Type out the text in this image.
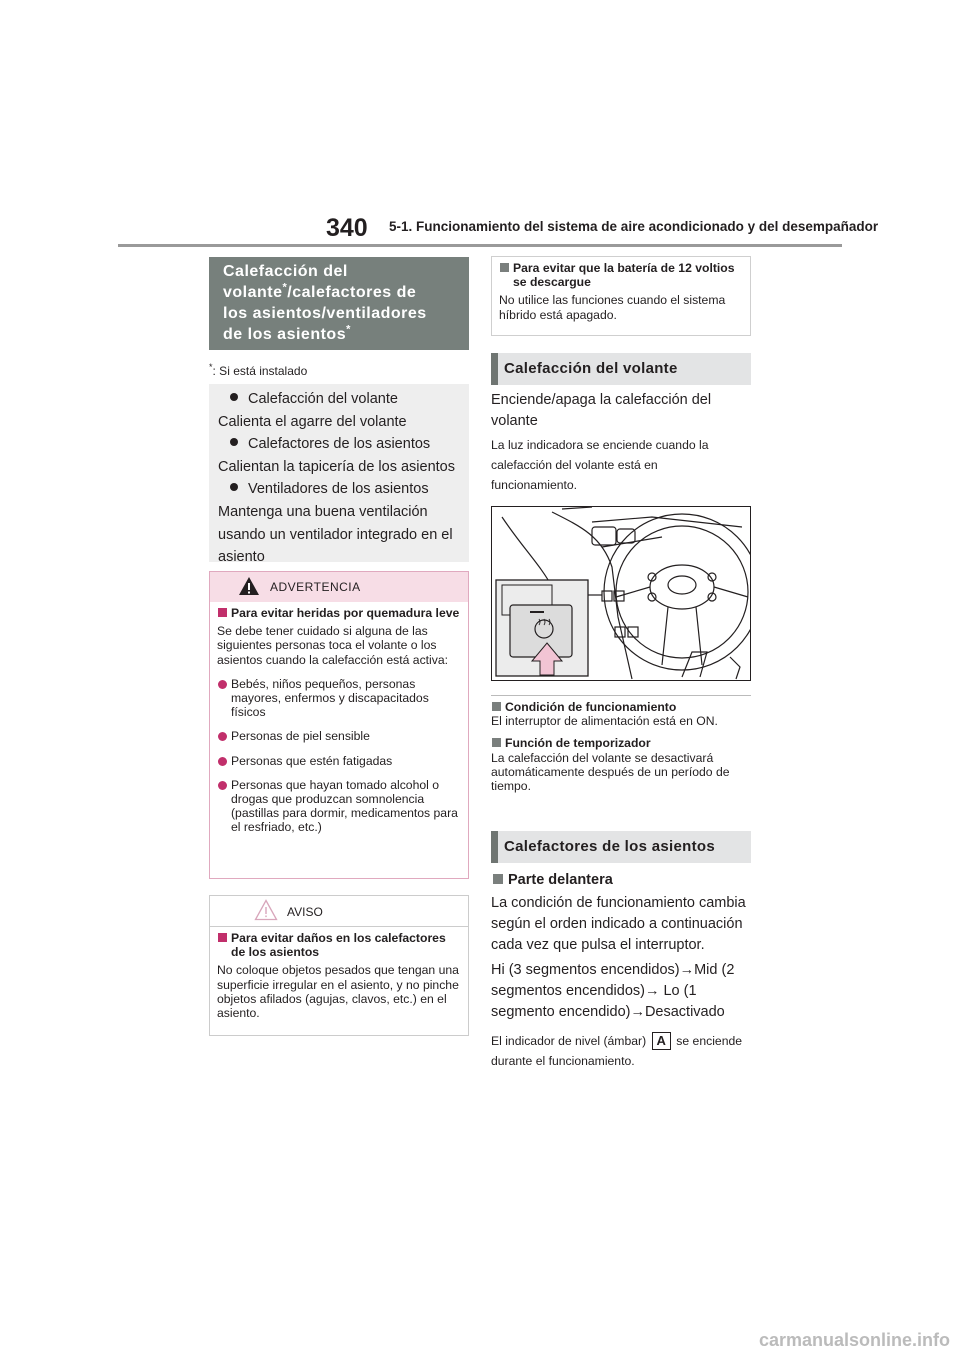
340 5-1. Funcionamiento del sistema de aire acondicionado y del desempañador
Calefacción del
volante*/calefactores de
los asientos/ventiladores
de los asientos*
*: Si está instalado
Calefacción del volante
Calienta el agarre del volante
Calefactores de los asientos
Calientan la tapicería de los asientos
Ventiladores de los asientos
Mantenga una buena ventilación usando un ventilador integrado en el asiento
ADVERTENCIA
Para evitar heridas por quemadura leve
Se debe tener cuidado si alguna de las siguientes personas toca el volante o los asientos cuando la calefacción está activa:
Bebés, niños pequeños, personas mayores, enfermos y discapacitados físicos
Personas de piel sensible
Personas que estén fatigadas
Personas que hayan tomado alcohol o drogas que produzcan somnolencia (pastillas para dormir, medicamentos para el resfriado, etc.)
AVISO
Para evitar daños en los calefactores de los asientos
No coloque objetos pesados que tengan una superficie irregular en el asiento, y no pinche objetos afilados (agujas, clavos, etc.) en el asiento.
Para evitar que la batería de 12 voltios se descargue
No utilice las funciones cuando el sistema híbrido está apagado.
Calefacción del volante
Enciende/apaga la calefacción del volante
La luz indicadora se enciende cuando la calefacción del volante está en funcionamiento.
Condición de funcionamiento
El interruptor de alimentación está en ON.
Función de temporizador
La calefacción del volante se desactivará automáticamente después de un período de tiempo.
Calefactores de los asientos
Parte delantera
La condición de funcionamiento cambia según el orden indicado a continuación cada vez que pulsa el interruptor.
Hi (3 segmentos encendidos)→Mid (2 segmentos encendidos)→ Lo (1 segmento encendido)→Desactivado
El indicador de nivel (ámbar) A se enciende durante el funcionamiento.
carmanualsonline.info
